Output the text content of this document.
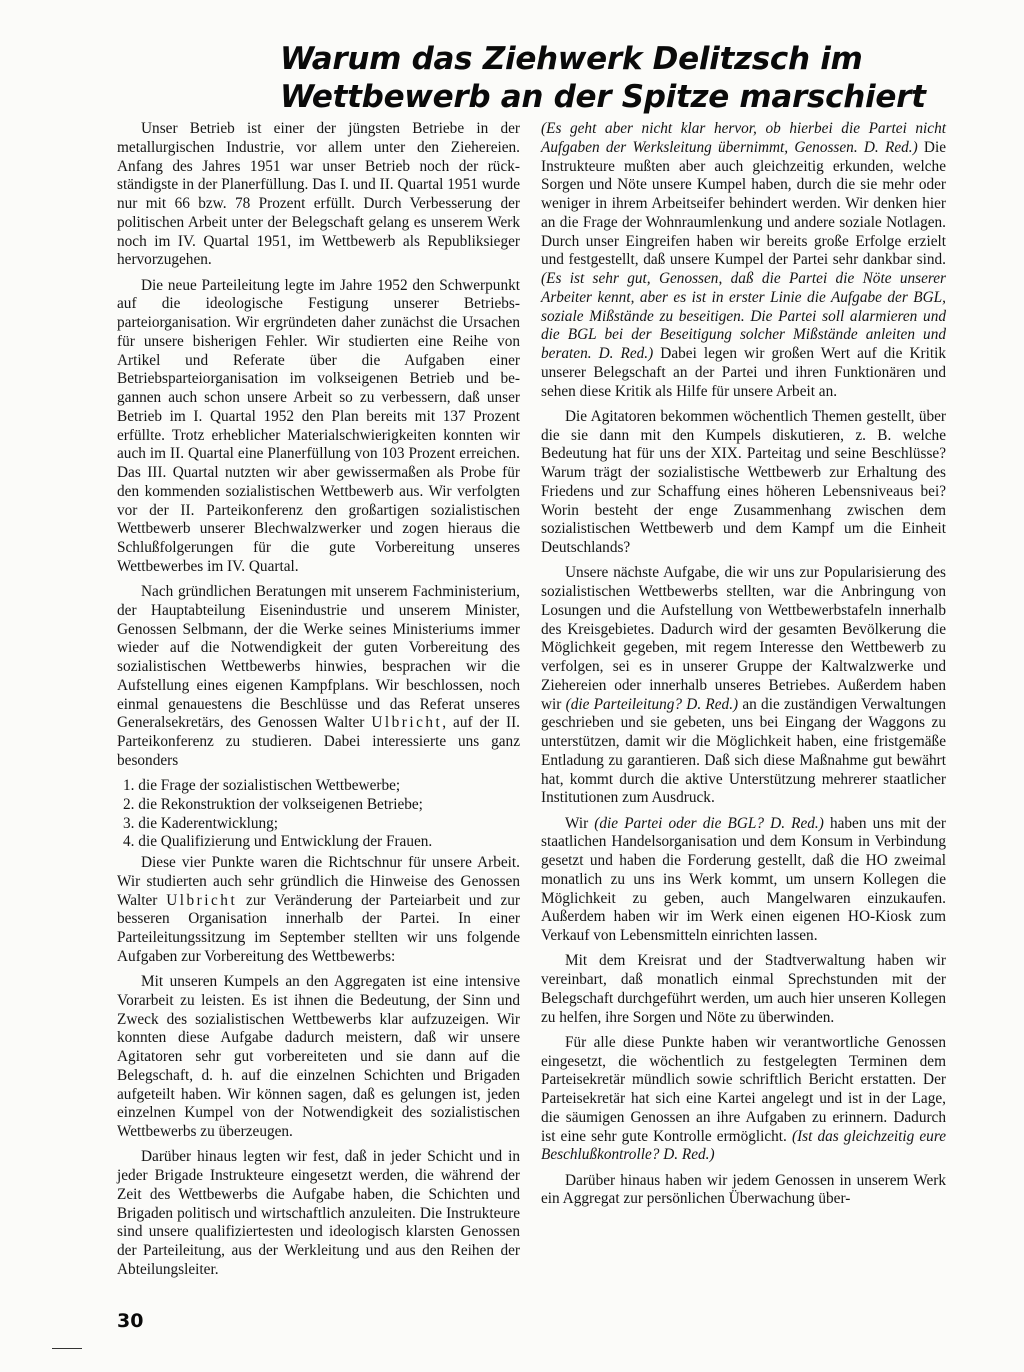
Warum das Ziehwerk Delitzsch im Wettbewerb an der Spitze marschiert

Unser Betrieb ist einer der jüngsten Betriebe in der metallurgischen Industrie, vor allem unter den Ziehereien. Anfang des Jahres 1951 war unser Betrieb noch der rückständigste in der Planerfüllung. Das I. und II. Quartal 1951 wurde nur mit 66 bzw. 78 Prozent erfüllt. Durch Verbesserung der politischen Arbeit unter der Belegschaft gelang es unserem Werk noch im IV. Quartal 1951, im Wettbewerb als Republiksieger hervorzugehen.

Die neue Parteileitung legte im Jahre 1952 den Schwerpunkt auf die ideologische Festigung unserer Betriebsparteiorganisation. Wir ergründeten daher zunächst die Ursachen für unsere bisherigen Fehler. Wir studierten eine Reihe von Artikel und Referate über die Aufgaben einer Betriebsparteiorganisation im volkseigenen Betrieb und begannen auch schon unsere Arbeit so zu verbessern, daß unser Betrieb im I. Quartal 1952 den Plan bereits mit 137 Prozent erfüllte. Trotz erheblicher Materialschwierigkeiten konnten wir auch im II. Quartal eine Planerfüllung von 103 Prozent erreichen. Das III. Quartal nutzten wir aber gewissermaßen als Probe für den kommenden sozialistischen Wettbewerb aus. Wir verfolgten vor der II. Parteikonferenz den großartigen sozialistischen Wettbewerb unserer Blechwalzwerker und zogen hieraus die Schlußfolgerungen für die gute Vorbereitung unseres Wettbewerbes im IV. Quartal.

Nach gründlichen Beratungen mit unserem Fachministerium, der Hauptabteilung Eisenindustrie und unserem Minister, Genossen Selbmann, der die Werke seines Ministeriums immer wieder auf die Notwendigkeit der guten Vorbereitung des sozialistischen Wettbewerbs hinwies, besprachen wir die Aufstellung eines eigenen Kampfplans. Wir beschlossen, noch einmal genauestens die Beschlüsse und das Referat unseres Generalsekretärs, des Genossen Walter Ulbricht, auf der II. Parteikonferenz zu studieren. Dabei interessierte uns ganz besonders

1. die Frage der sozialistischen Wettbewerbe;
2. die Rekonstruktion der volkseigenen Betriebe;
3. die Kaderentwicklung;
4. die Qualifizierung und Entwicklung der Frauen.

Diese vier Punkte waren die Richtschnur für unsere Arbeit. Wir studierten auch sehr gründlich die Hinweise des Genossen Walter Ulbricht zur Veränderung der Parteiarbeit und zur besseren Organisation innerhalb der Partei. In einer Parteileitungssitzung im September stellten wir uns folgende Aufgaben zur Vorbereitung des Wettbewerbs:

Mit unseren Kumpels an den Aggregaten ist eine intensive Vorarbeit zu leisten. Es ist ihnen die Bedeutung, der Sinn und Zweck des sozialistischen Wettbewerbs klar aufzuzeigen. Wir konnten diese Aufgabe dadurch meistern, daß wir unsere Agitatoren sehr gut vorbereiteten und sie dann auf die Belegschaft, d. h. auf die einzelnen Schichten und Brigaden aufgeteilt haben. Wir können sagen, daß es gelungen ist, jeden einzelnen Kumpel von der Notwendigkeit des sozialistischen Wettbewerbs zu überzeugen.

Darüber hinaus legten wir fest, daß in jeder Schicht und in jeder Brigade Instrukteure eingesetzt werden, die während der Zeit des Wettbewerbs die Aufgabe haben, die Schichten und Brigaden politisch und wirtschaftlich anzuleiten. Die Instrukteure sind unsere qualifiziertesten und ideologisch klarsten Genossen der Parteileitung, aus der Werkleitung und aus den Reihen der Abteilungsleiter.

(Es geht aber nicht klar hervor, ob hierbei die Partei nicht Aufgaben der Werksleitung übernimmt, Genossen. D. Red.) Die Instrukteure mußten aber auch gleichzeitig erkunden, welche Sorgen und Nöte unsere Kumpel haben, durch die sie mehr oder weniger in ihrem Arbeitseifer behindert werden. Wir denken hier an die Frage der Wohnraumlenkung und andere soziale Notlagen. Durch unser Eingreifen haben wir bereits große Erfolge erzielt und festgestellt, daß unsere Kumpel der Partei sehr dankbar sind. (Es ist sehr gut, Genossen, daß die Partei die Nöte unserer Arbeiter kennt, aber es ist in erster Linie die Aufgabe der BGL, soziale Mißstände zu beseitigen. Die Partei soll alarmieren und die BGL bei der Beseitigung solcher Mißstände anleiten und beraten. D. Red.) Dabei legen wir großen Wert auf die Kritik unserer Belegschaft an der Partei und ihren Funktionären und sehen diese Kritik als Hilfe für unsere Arbeit an.

Die Agitatoren bekommen wöchentlich Themen gestellt, über die sie dann mit den Kumpels diskutieren, z. B. welche Bedeutung hat für uns der XIX. Parteitag und seine Beschlüsse? Warum trägt der sozialistische Wettbewerb zur Erhaltung des Friedens und zur Schaffung eines höheren Lebensniveaus bei? Worin besteht der enge Zusammenhang zwischen dem sozialistischen Wettbewerb und dem Kampf um die Einheit Deutschlands?

Unsere nächste Aufgabe, die wir uns zur Popularisierung des sozialistischen Wettbewerbs stellten, war die Anbringung von Losungen und die Aufstellung von Wettbewerbstafeln innerhalb des Kreisgebietes. Dadurch wird der gesamten Bevölkerung die Möglichkeit gegeben, mit regem Interesse den Wettbewerb zu verfolgen, sei es in unserer Gruppe der Kaltwalzwerke und Ziehereien oder innerhalb unseres Betriebes. Außerdem haben wir (die Parteileitung? D. Red.) an die zuständigen Verwaltungen geschrieben und sie gebeten, uns bei Eingang der Waggons zu unterstützen, damit wir die Möglichkeit haben, eine fristgemäße Entladung zu garantieren. Daß sich diese Maßnahme gut bewährt hat, kommt durch die aktive Unterstützung mehrerer staatlicher Institutionen zum Ausdruck.

Wir (die Partei oder die BGL? D. Red.) haben uns mit der staatlichen Handelsorganisation und dem Konsum in Verbindung gesetzt und haben die Forderung gestellt, daß die HO zweimal monatlich zu uns ins Werk kommt, um unsern Kollegen die Möglichkeit zu geben, auch Mangelwaren einzukaufen. Außerdem haben wir im Werk einen eigenen HO-Kiosk zum Verkauf von Lebensmitteln einrichten lassen.

Mit dem Kreisrat und der Stadtverwaltung haben wir vereinbart, daß monatlich einmal Sprechstunden mit der Belegschaft durchgeführt werden, um auch hier unseren Kollegen zu helfen, ihre Sorgen und Nöte zu überwinden.

Für alle diese Punkte haben wir verantwortliche Genossen eingesetzt, die wöchentlich zu festgelegten Terminen dem Parteisekretär mündlich sowie schriftlich Bericht erstatten. Der Parteisekretär hat sich eine Kartei angelegt und ist in der Lage, die säumigen Genossen an ihre Aufgaben zu erinnern. Dadurch ist eine sehr gute Kontrolle ermöglicht. (Ist das gleichzeitig eure Beschlußkontrolle? D. Red.)

Darüber hinaus haben wir jedem Genossen in unserem Werk ein Aggregat zur persönlichen Überwachung über-

30
